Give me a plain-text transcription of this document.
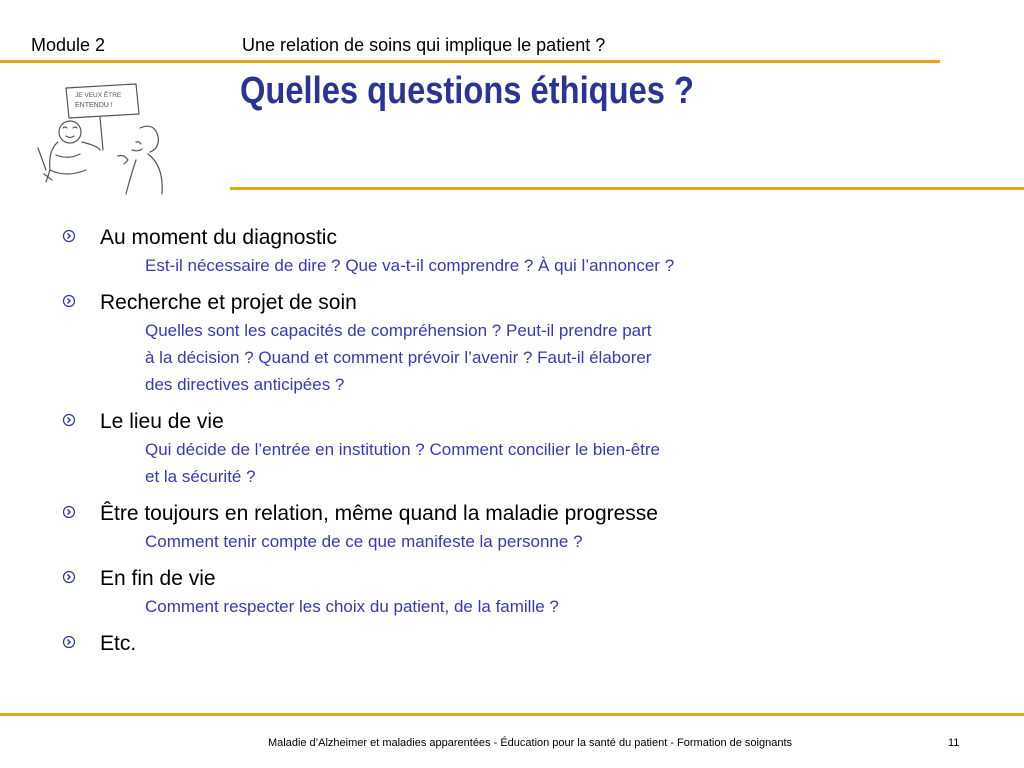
Module 2	Une relation de soins qui implique le patient ?
JE VEUX ÊTRE
ENTENDU !	Quelles questions éthiques ?
Au moment du diagnostic
Est-il nécessaire de dire ? Que va-t-il comprendre ? À qui l’annoncer ?
Recherche et projet de soin
Quelles sont les capacités de compréhension ? Peut-il prendre part
à la décision ? Quand et comment prévoir l’avenir ? Faut-il élaborer
des directives anticipées ?
Le lieu de vie
Qui décide de l’entrée en institution ? Comment concilier le bien-être
et la sécurité ?
Être toujours en relation, même quand la maladie progresse
Comment tenir compte de ce que manifeste la personne ?
En fin de vie
Comment respecter les choix du patient, de la famille ?
Etc.
Maladie d’Alzheimer et maladies apparentées - Éducation pour la santé du patient - Formation de soignants	11
